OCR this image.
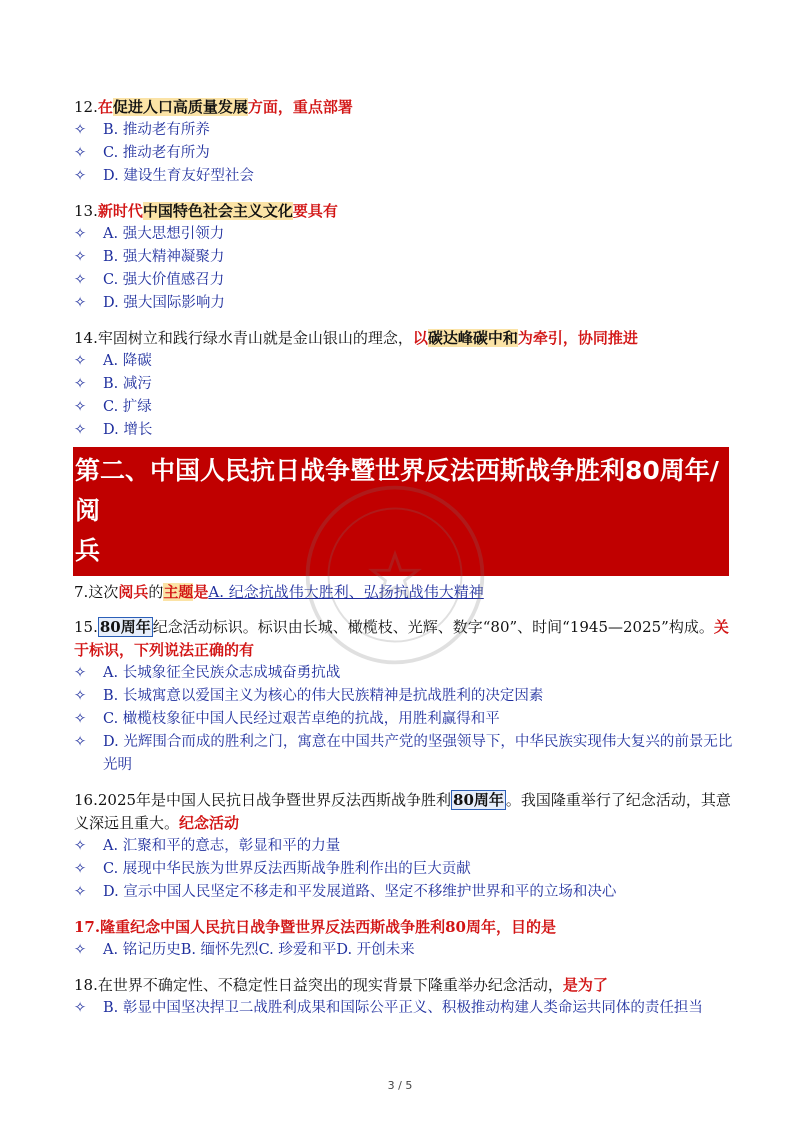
12.在促进人口高质量发展方面，重点部署

✧ B. 推动老有所养
✧ C. 推动老有所为
✧ D. 建设生育友好型社会

13.新时代中国特色社会主义文化要具有

✧ A. 强大思想引领力
✧ B. 强大精神凝聚力
✧ C. 强大价值感召力
✧ D. 强大国际影响力

14.牢固树立和践行绿水青山就是金山银山的理念，以碳达峰碳中和为牵引，协同推进

✧ A. 降碳
✧ B. 减污
✧ C. 扩绿
✧ D. 增长
第二、中国人民抗日战争暨世界反法西斯战争胜利80周年/阅
兵

7.这次阅兵的主题是A. 纪念抗战伟大胜利、弘扬抗战伟大精神

15. 80周年 纪念活动标识。标识由长城、橄榄枝、光辉、数字“80”、时间“1945—2025”构成。关于标识，下列说法正确的有

✧ A. 长城象征全民族众志成城奋勇抗战
✧ B. 长城寓意以爱国主义为核心的伟大民族精神是抗战胜利的决定因素
✧ C. 橄榄枝象征中国人民经过艰苦卓绝的抗战，用胜利赢得和平
✧ D. 光辉围合而成的胜利之门，寓意在中国共产党的坚强领导下，中华民族实现伟大复兴的前景无比光明

16.2025年是中国人民抗日战争暨世界反法西斯战争胜利 80周年 。我国隆重举行了纪念活动，其意义深远且重大。纪念活动

✧ A. 汇聚和平的意志，彰显和平的力量
✧ C. 展现中华民族为世界反法西斯战争胜利作出的巨大贡献
✧ D. 宣示中国人民坚定不移走和平发展道路、坚定不移维护世界和平的立场和决心

17.隆重纪念中国人民抗日战争暨世界反法西斯战争胜利80周年，目的是

✧ A. 铭记历史B. 缅怀先烈C. 珍爱和平D. 开创未来

18.在世界不确定性、不稳定性日益突出的现实背景下隆重举办纪念活动，是为了

✧ B. 彰显中国坚决捍卫二战胜利成果和国际公平正义、积极推动构建人类命运共同体的责任担当
3 / 5
